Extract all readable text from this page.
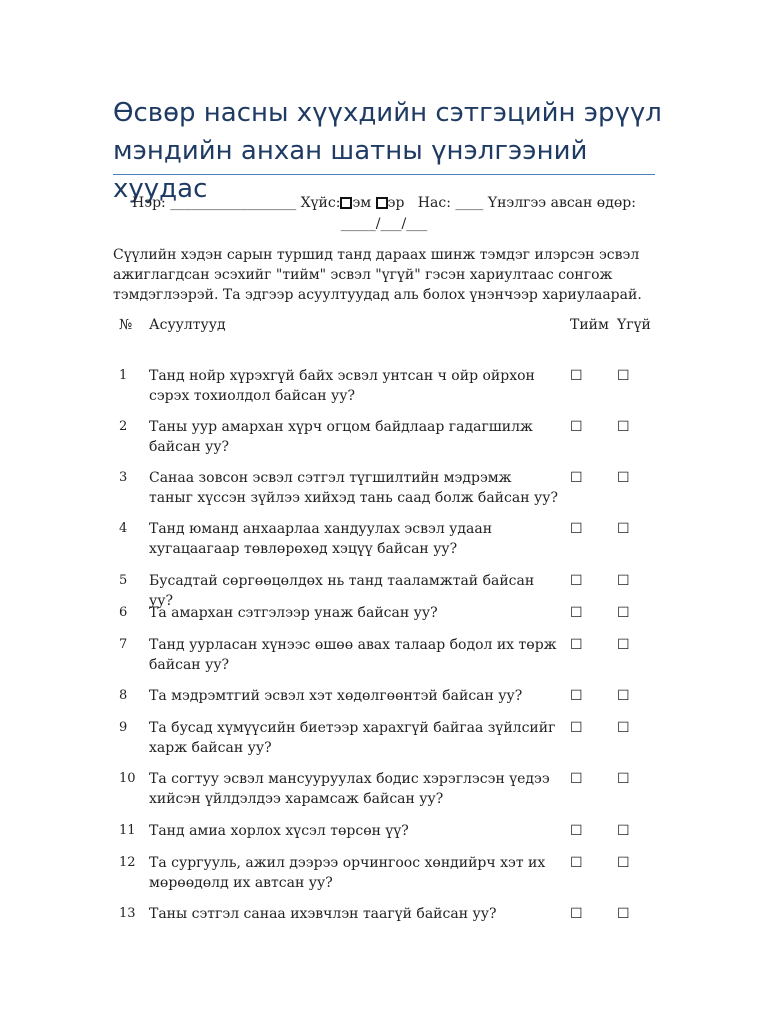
Өсвөр насны хүүхдийн сэтгэцийн эрүүл мэндийн анхан шатны үнэлгээний хуудас
Нэр: __________________ Хүйс: эм эр Нас: ____ Үнэлгээ авсан өдөр:
_____/___/___

Сүүлийн хэдэн сарын туршид танд дараах шинж тэмдэг илэрсэн эсвэл ажиглагдсан эсэхийг "тийм" эсвэл "үгүй" гэсэн хариултаас сонгож тэмдэглээрэй. Та эдгээр асуултуудад аль болох үнэнчээр хариулаарай.

№ Асуултууд	Тийм Үгүй
1 Танд нойр хүрэхгүй байх эсвэл унтсан ч ойр ойрхон сэрэх тохиолдол байсан уу?
☐	☐
2 Таны уур амархан хүрч огцом байдлаар гадагшилж байсан уу?
☐	☐
3 Санаа зовсон эсвэл сэтгэл түгшилтийн мэдрэмж таныг хүссэн зүйлээ хийхэд тань саад болж байсан уу?
☐	☐
4 Танд юманд анхаарлаа хандуулах эсвэл удаан хугацаагаар төвлөрөхөд хэцүү байсан уу?
☐	☐
5 Бусадтай сөргөөцөлдөх нь танд тааламжтай байсан уу?
☐	☐
6 Та амархан сэтгэлээр унаж байсан уу?	☐	☐
7 Танд уурласан хүнээс өшөө авах талаар бодол их төрж байсан уу?
☐	☐
8 Та мэдрэмтгий эсвэл хэт хөдөлгөөнтэй байсан уу?	☐	☐
9 Та бусад хүмүүсийн биетээр харахгүй байгаа зүйлсийг харж байсан уу?
☐	☐
10 Та согтуу эсвэл мансууруулах бодис хэрэглэсэн үедээ хийсэн үйлдэлдээ харамсаж байсан уу?
☐	☐
11 Танд амиа хорлох хүсэл төрсөн үү?	☐	☐
12 Та сургууль, ажил дээрээ орчингоос хөндийрч хэт их мөрөөдөлд их автсан уу?
☐	☐
13 Таны сэтгэл санаа ихэвчлэн таагүй байсан уу?	☐	☐
